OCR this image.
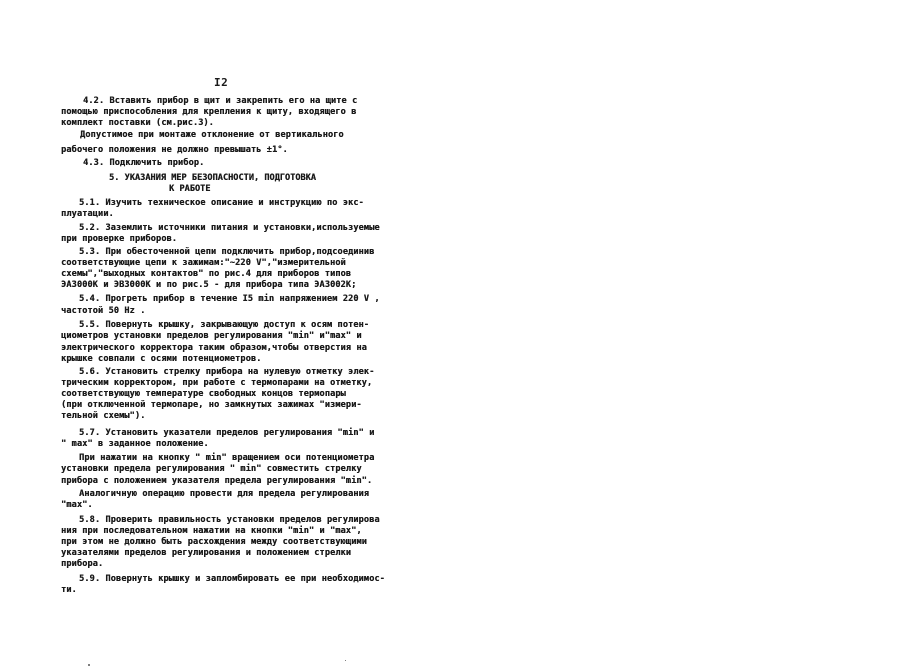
I2
4.2. Вставить прибор в щит и закрепить его на щите с
помощью приспособления для крепления к щиту, входящего в
комплект поставки (см.рис.3).
Допустимое при монтаже отклонение от вертикального
рабочего положения не должно превышать ±1°.
4.3. Подключить прибор.
5. УКАЗАНИЯ МЕР БЕЗОПАСНОСТИ, ПОДГОТОВКА
К РАБОТЕ
5.1. Изучить техническое описание и инструкцию по экс-
плуатации.
5.2. Заземлить источники питания и установки,используемые
при проверке приборов.
5.3. При обесточенной цепи подключить прибор,подсоединив
соответствующие цепи к зажимам:"~220 V","измерительной
схемы","выходных контактов" по рис.4 для приборов типов
ЭА3000К и ЭВ3000К и по рис.5 - для прибора типа ЭА3002К;
5.4. Прогреть прибор в течение I5 min напряжением 220 V ,
частотой 50 Hz .
5.5. Повернуть крышку, закрывающую доступ к осям потен-
циометров установки пределов регулирования "min" и"max" и
электрического корректора таким образом,чтобы отверстия на
крышке совпали с осями потенциометров.
5.6. Установить стрелку прибора на нулевую отметку элек-
трическим корректором, при работе с термопарами на отметку,
соответствующую температуре свободных концов термопары
(при отключенной термопаре, но замкнутых зажимах "измери-
тельной схемы").
5.7. Установить указатели пределов регулирования "min" и
" max" в заданное положение.
При нажатии на кнопку " min" вращением оси потенциометра
установки предела регулирования " min" совместить стрелку
прибора с положением указателя предела регулирования "min".
Аналогичную операцию провести для предела регулирования
"max".
5.8. Проверить правильность установки пределов регулирова
ния при последовательном нажатии на кнопки "min" и "max",
при этом не должно быть расхождения между соответствующими
указателями пределов регулирования и положением стрелки
прибора.
5.9. Повернуть крышку и запломбировать ее при необходимос-
ти.
